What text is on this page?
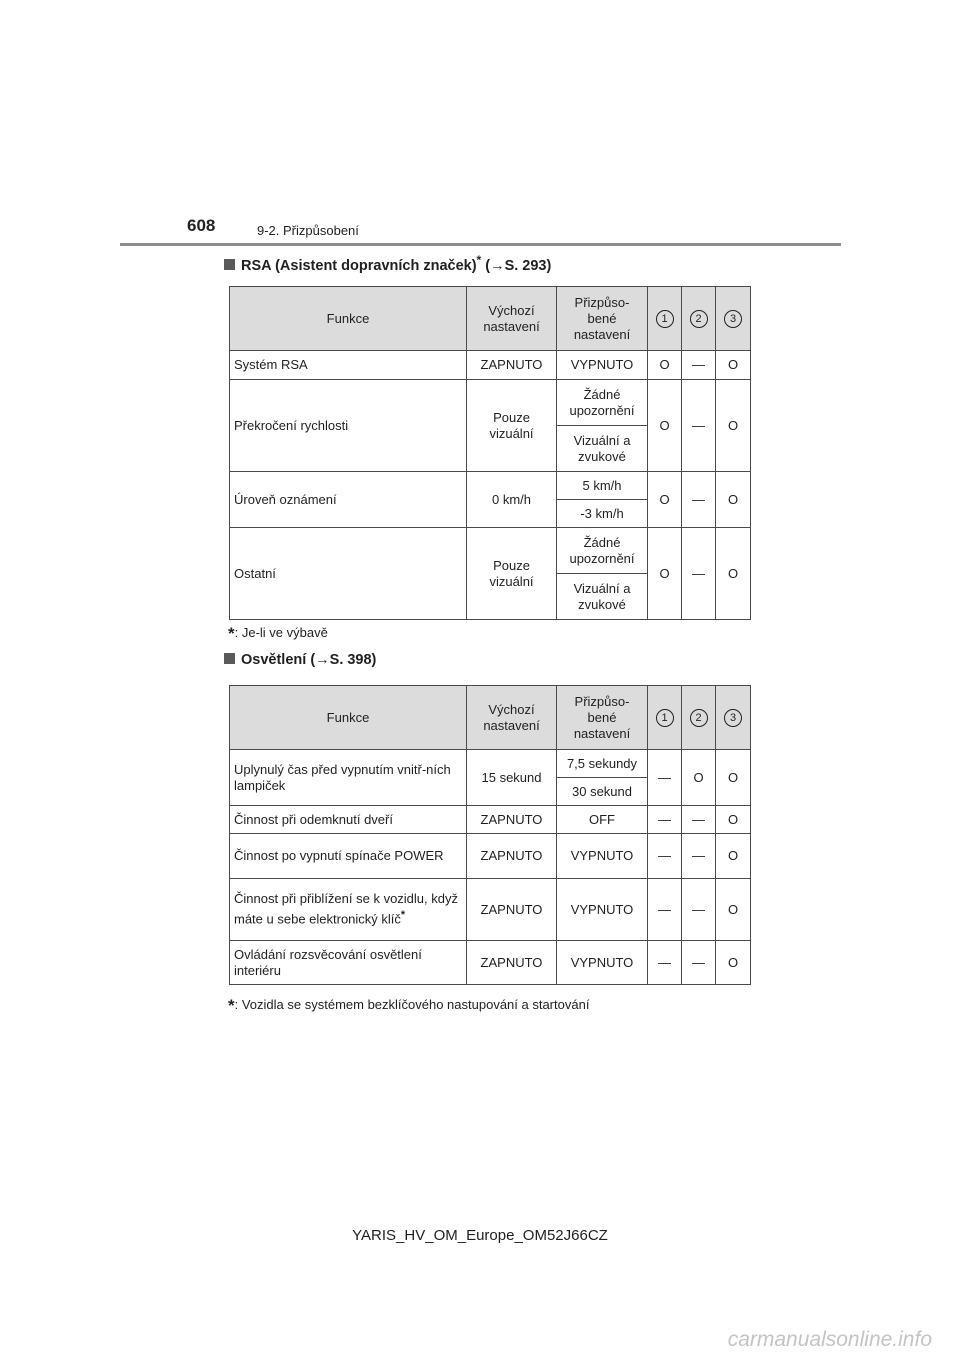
608	9-2. Přizpůsobení
RSA (Asistent dopravních značek)* (→S. 293)
Funkce	Výchozí nastavení	Přizpůso-bené nastavení	1	2	3
Systém RSA	ZAPNUTO	VYPNUTO	O	—	O
Překročení rychlosti	Pouze vizuální	Žádné upozornění	O	—	O
		Vizuální a zvukové			
Úroveň oznámení	0 km/h	5 km/h	O	—	O
		-3 km/h			
Ostatní	Pouze vizuální	Žádné upozornění	O	—	O
		Vizuální a zvukové			
*: Je-li ve výbavě
Osvětlení (→S. 398)
Funkce	Výchozí nastavení	Přizpůso-bené nastavení	1	2	3
Uplynulý čas před vypnutím vnitř-ních lampiček	15 sekund	7,5 sekundy	—	O	O
		30 sekund			
Činnost při odemknutí dveří	ZAPNUTO	OFF	—	—	O
Činnost po vypnutí spínače POWER	ZAPNUTO	VYPNUTO	—	—	O
Činnost při přiblížení se k vozidlu, když máte u sebe elektronický klíč*	ZAPNUTO	VYPNUTO	—	—	O
Ovládání rozsvěcování osvětlení interiéru	ZAPNUTO	VYPNUTO	—	—	O
*: Vozidla se systémem bezklíčového nastupování a startování
YARIS_HV_OM_Europe_OM52J66CZ
carmanualsonline.info
